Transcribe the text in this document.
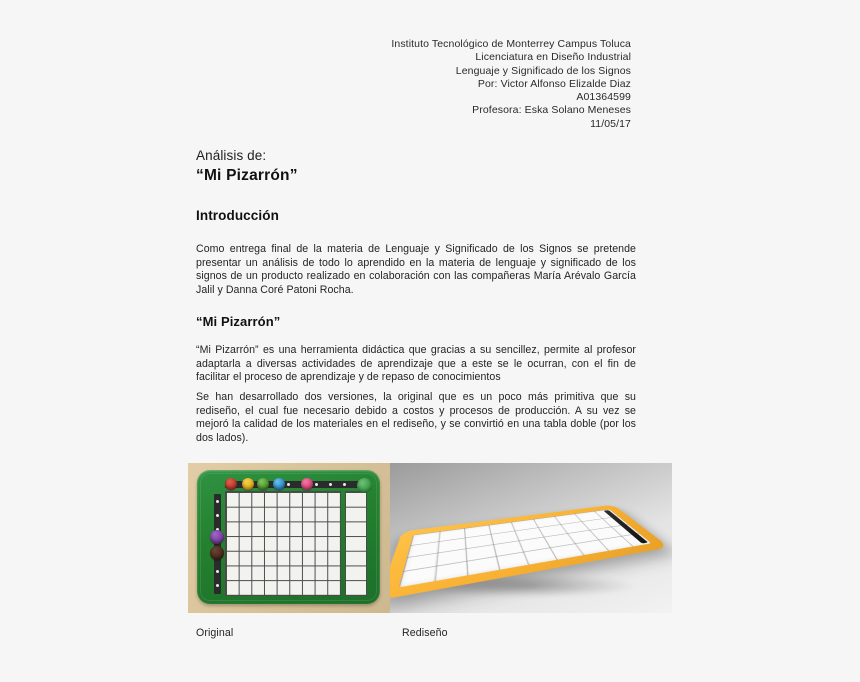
Instituto Tecnológico de Monterrey Campus Toluca
Licenciatura en Diseño Industrial
Lenguaje y Significado de los Signos
Por: Victor Alfonso Elizalde Diaz
A01364599
Profesora: Eska Solano Meneses
11/05/17
Análisis de:
“Mi Pizarrón”
Introducción
Como entrega final de la materia de Lenguaje y Significado de los Signos se pretende presentar un análisis de todo lo aprendido en la materia de lenguaje y significado de los signos de un producto realizado en colaboración con las compañeras María Arévalo García Jalil y Danna Coré Patoni Rocha.
“Mi Pizarrón”
“Mi Pizarrón” es una herramienta didáctica que gracias a su sencillez, permite al profesor adaptarla a diversas actividades de aprendizaje que a este se le ocurran, con el fin de facilitar el proceso de aprendizaje y de repaso de conocimientos
Se han desarrollado dos versiones, la original que es un poco más primitiva que su rediseño, el cual fue necesario debido a costos y procesos de producción. A su vez se mejoró la calidad de los materiales en el rediseño, y se convirtió en una tabla doble (por los dos lados).
Original	Rediseño
